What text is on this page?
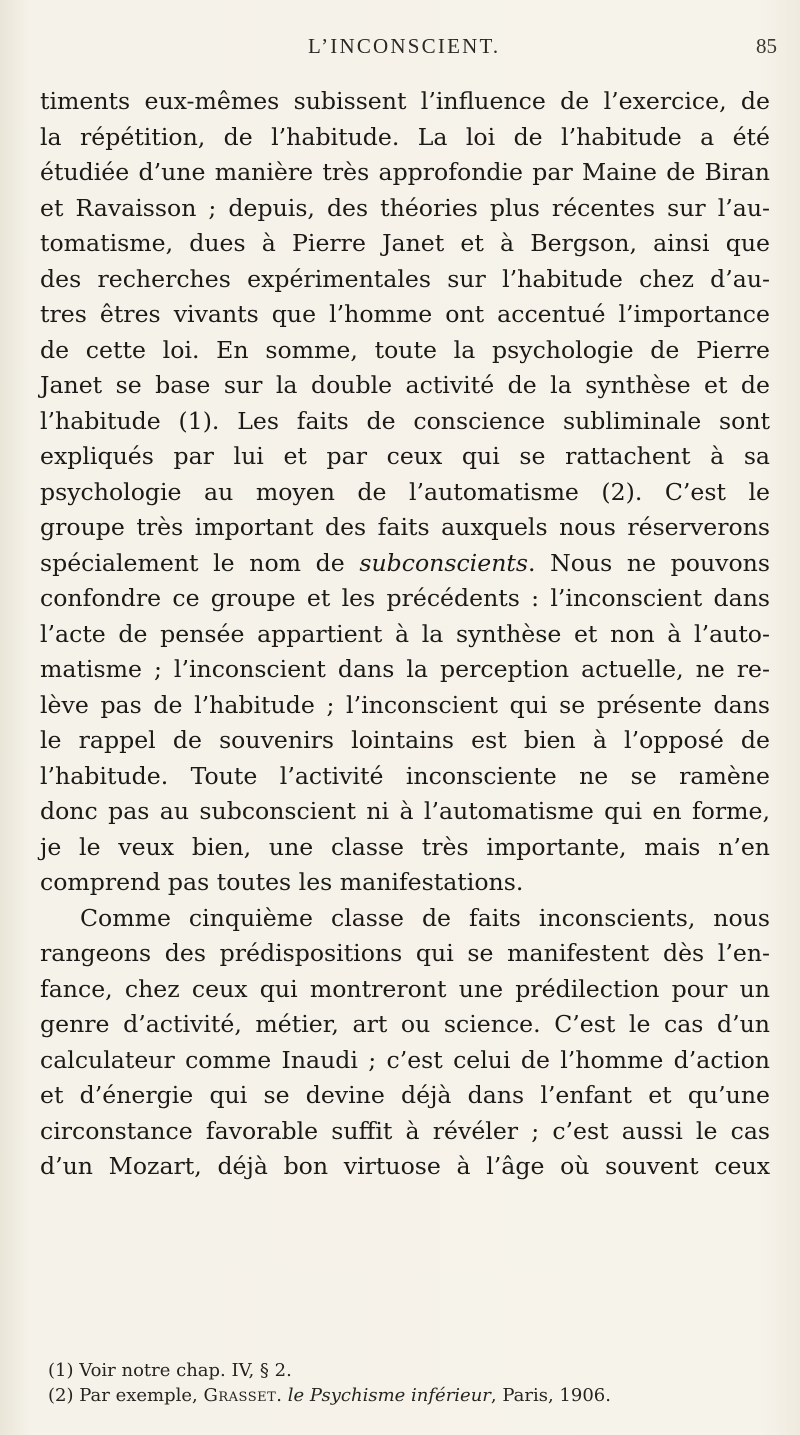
L’INCONSCIENT.	85
timents eux-mêmes subissent l’influence de l’exercice, de
la répétition, de l’habitude. La loi de l’habitude a été
étudiée d’une manière très approfondie par Maine de Biran
et Ravaisson ; depuis, des théories plus récentes sur l’au-
tomatisme, dues à Pierre Janet et à Bergson, ainsi que
des recherches expérimentales sur l’habitude chez d’au-
tres êtres vivants que l’homme ont accentué l’importance
de cette loi. En somme, toute la psychologie de Pierre
Janet se base sur la double activité de la synthèse et de
l’habitude (1). Les faits de conscience subliminale sont
expliqués par lui et par ceux qui se rattachent à sa
psychologie au moyen de l’automatisme (2). C’est le
groupe très important des faits auxquels nous réserverons
spécialement le nom de subconscients. Nous ne pouvons
confondre ce groupe et les précédents : l’inconscient dans
l’acte de pensée appartient à la synthèse et non à l’auto-
matisme ; l’inconscient dans la perception actuelle, ne re-
lève pas de l’habitude ; l’inconscient qui se présente dans
le rappel de souvenirs lointains est bien à l’opposé de
l’habitude. Toute l’activité inconsciente ne se ramène
donc pas au subconscient ni à l’automatisme qui en forme,
je le veux bien, une classe très importante, mais n’en
comprend pas toutes les manifestations.
Comme cinquième classe de faits inconscients, nous
rangeons des prédispositions qui se manifestent dès l’en-
fance, chez ceux qui montreront une prédilection pour un
genre d’activité, métier, art ou science. C’est le cas d’un
calculateur comme Inaudi ; c’est celui de l’homme d’action
et d’énergie qui se devine déjà dans l’enfant et qu’une
circonstance favorable suffit à révéler ; c’est aussi le cas
d’un Mozart, déjà bon virtuose à l’âge où souvent ceux
(1) Voir notre chap. IV, § 2.
(2) Par exemple, Grasset. le Psychisme inférieur, Paris, 1906.
